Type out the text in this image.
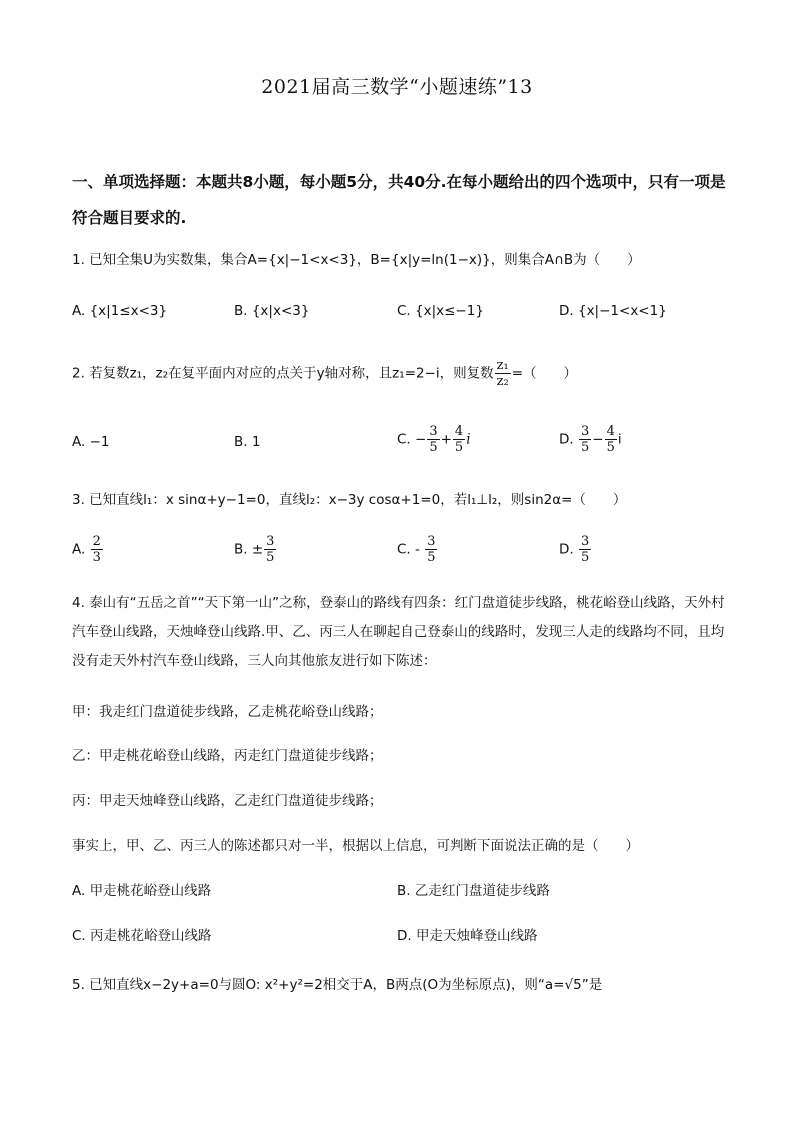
2021届高三数学“小题速练”13
一、单项选择题：本题共8小题，每小题5分，共40分.在每小题给出的四个选项中，只有一项是符合题目要求的.
1. 已知全集U为实数集，集合A={x|−1<x<3}，B={x|y=ln(1−x)}，则集合A∩B为（　　）
A. {x|1≤x<3}	B. {x|x<3}	C. {x|x≤−1}	D. {x|−1<x<1}
2. 若复数z₁，z₂在复平面内对应的点关于y轴对称，且z₁=2−i，则复数 $\frac{\text{z₁}}{\text{z₂}}$ =（　　）
A. −1	B. 1	C. − $\frac{3}{5} + \frac{4}{5}$ i	D. $\frac{3}{5} - \frac{4}{5}$ i
3. 已知直线l₁：x sinα+y−1=0，直线l₂：x−3y cosα+1=0，若l₁⊥l₂，则sin2α=（　　）
A. $\frac{2}{3}$	B. ± $\frac{3}{5}$	C. - $\frac{3}{5}$	D. $\frac{3}{5}$
4. 泰山有“五岳之首”“天下第一山”之称，登泰山的路线有四条：红门盘道徒步线路，桃花峪登山线路，天外村汽车登山线路，天烛峰登山线路.甲、乙、丙三人在聊起自己登泰山的线路时，发现三人走的线路均不同，且均没有走天外村汽车登山线路，三人向其他旅友进行如下陈述：
甲：我走红门盘道徒步线路，乙走桃花峪登山线路；
乙：甲走桃花峪登山线路，丙走红门盘道徒步线路；
丙：甲走天烛峰登山线路，乙走红门盘道徒步线路；
事实上，甲、乙、丙三人的陈述都只对一半，根据以上信息，可判断下面说法正确的是（　　）
A. 甲走桃花峪登山线路	B. 乙走红门盘道徒步线路
C. 丙走桃花峪登山线路	D. 甲走天烛峰登山线路
5. 已知直线x−2y+a=0与圆O: x²+y²=2相交于A，B两点(O为坐标原点)，则“a=√5”是
